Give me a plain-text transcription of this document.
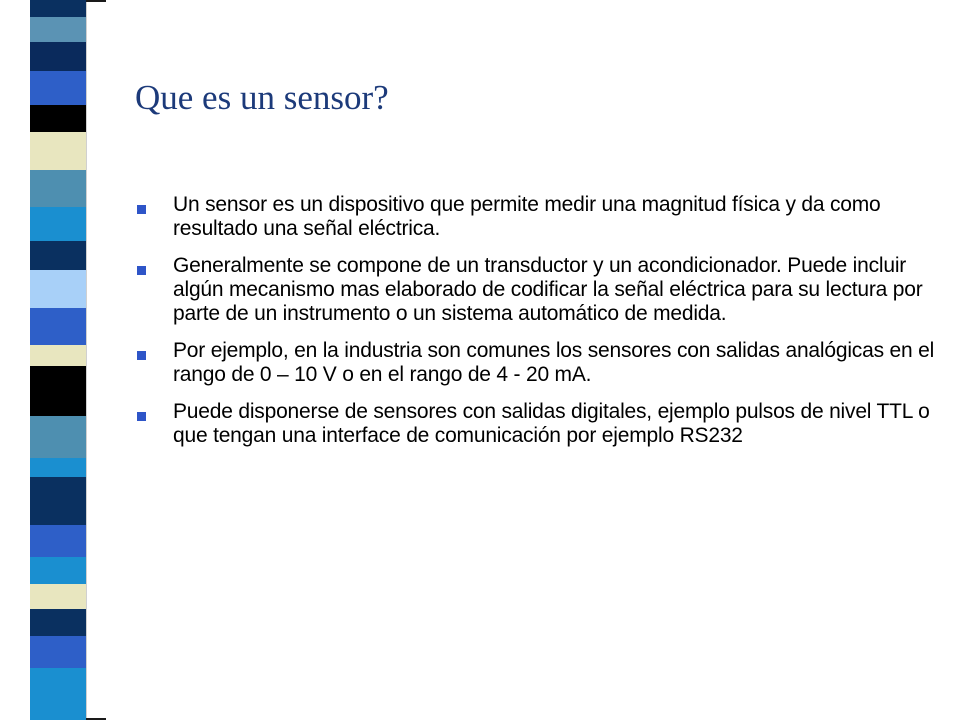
Que es un sensor?
Un sensor es un dispositivo que permite medir una magnitud física y da como resultado una señal eléctrica.
Generalmente se compone de un transductor y un acondicionador. Puede incluir algún mecanismo mas elaborado de codificar la señal eléctrica para su lectura por parte de un instrumento o un sistema automático de medida.
Por ejemplo, en la industria son comunes los sensores con salidas analógicas en el rango de 0 – 10 V o en el rango de 4 - 20 mA.
Puede disponerse de sensores con salidas digitales, ejemplo pulsos de nivel TTL o que tengan una interface de comunicación por ejemplo RS232
